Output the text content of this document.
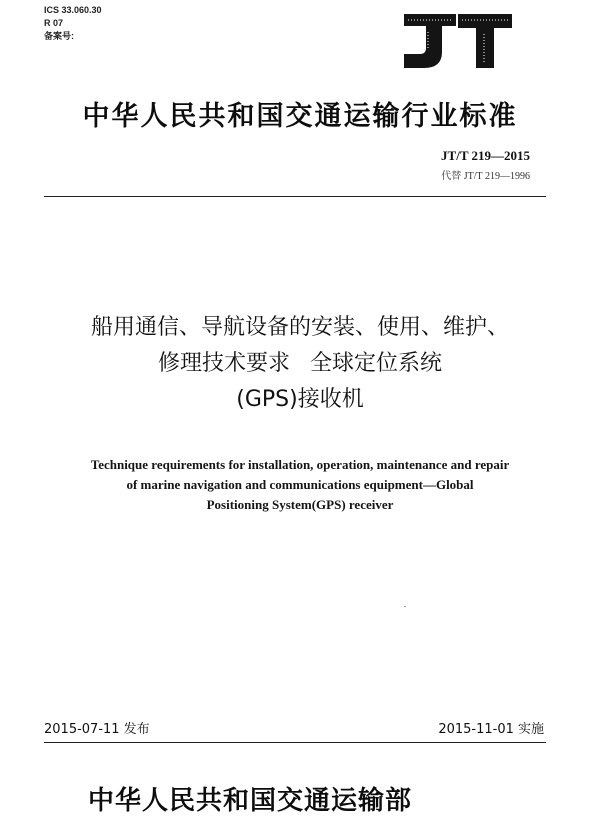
ICS 33.060.30
R 07
备案号:
中华人民共和国交通运输行业标准
JT/T 219—2015
代替 JT/T 219—1996
船用通信、导航设备的安装、使用、维护、
修理技术要求 全球定位系统
(GPS)接收机
Technique requirements for installation, operation, maintenance and repair
of marine navigation and communications equipment—Global
Positioning System(GPS) receiver
2015-07-11 发布	2015-11-01 实施
中华人民共和国交通运输部
